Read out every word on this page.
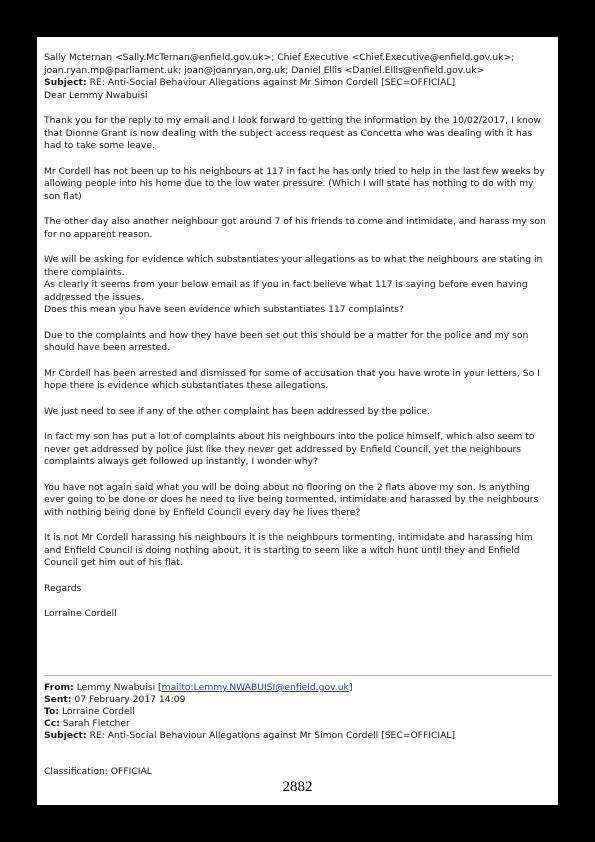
Sally Mcternan <Sally.McTernan@enfield.gov.uk>; Chief Executive <Chief.Executive@enfield.gov.uk>;
joan.ryan.mp@parliament.uk; joan@joanryan.org.uk; Daniel Ellis <Daniel.Ellis@enfield.gov.uk>
Subject: RE: Anti-Social Behaviour Allegations against Mr Simon Cordell [SEC=OFFICIAL]
Dear Lemmy Nwabuisi
Thank you for the reply to my email and I look forward to getting the information by the 10/02/2017, I know that Dionne Grant is now dealing with the subject access request as Concetta who was dealing with it has had to take some leave.
Mr Cordell has not been up to his neighbours at 117 in fact he has only tried to help in the last few weeks by allowing people into his home due to the low water pressure. (Which I will state has nothing to do with my son flat)
The other day also another neighbour got around 7 of his friends to come and intimidate, and harass my son for no apparent reason.
We will be asking for evidence which substantiates your allegations as to what the neighbours are stating in there complaints.
As clearly it seems from your below email as if you in fact believe what 117 is saying before even having addressed the issues.
Does this mean you have seen evidence which substantiates 117 complaints?
Due to the complaints and how they have been set out this should be a matter for the police and my son should have been arrested.
Mr Cordell has been arrested and dismissed for some of accusation that you have wrote in your letters, So I hope there is evidence which substantiates these allegations.
We just need to see if any of the other complaint has been addressed by the police.
In fact my son has put a lot of complaints about his neighbours into the police himself, which also seem to never get addressed by police just like they never get addressed by Enfield Council, yet the neighbours complaints always get followed up instantly, I wonder why?
You have not again said what you will be doing about no flooring on the 2 flats above my son. Is anything ever going to be done or does he need to live being tormented, intimidate and harassed by the neighbours with nothing being done by Enfield Council every day he lives there?
It is not Mr Cordell harassing his neighbours it is the neighbours tormenting, intimidate and harassing him and Enfield Council is doing nothing about, it is starting to seem like a witch hunt until they and Enfield Council get him out of his flat.
Regards
Lorraine Cordell
From: Lemmy Nwabuisi [mailto:Lemmy.NWABUISI@enfield.gov.uk]
Sent: 07 February 2017 14:09
To: Lorraine Cordell
Cc: Sarah Fletcher
Subject: RE: Anti-Social Behaviour Allegations against Mr Simon Cordell [SEC=OFFICIAL]
Classification: OFFICIAL
2882
